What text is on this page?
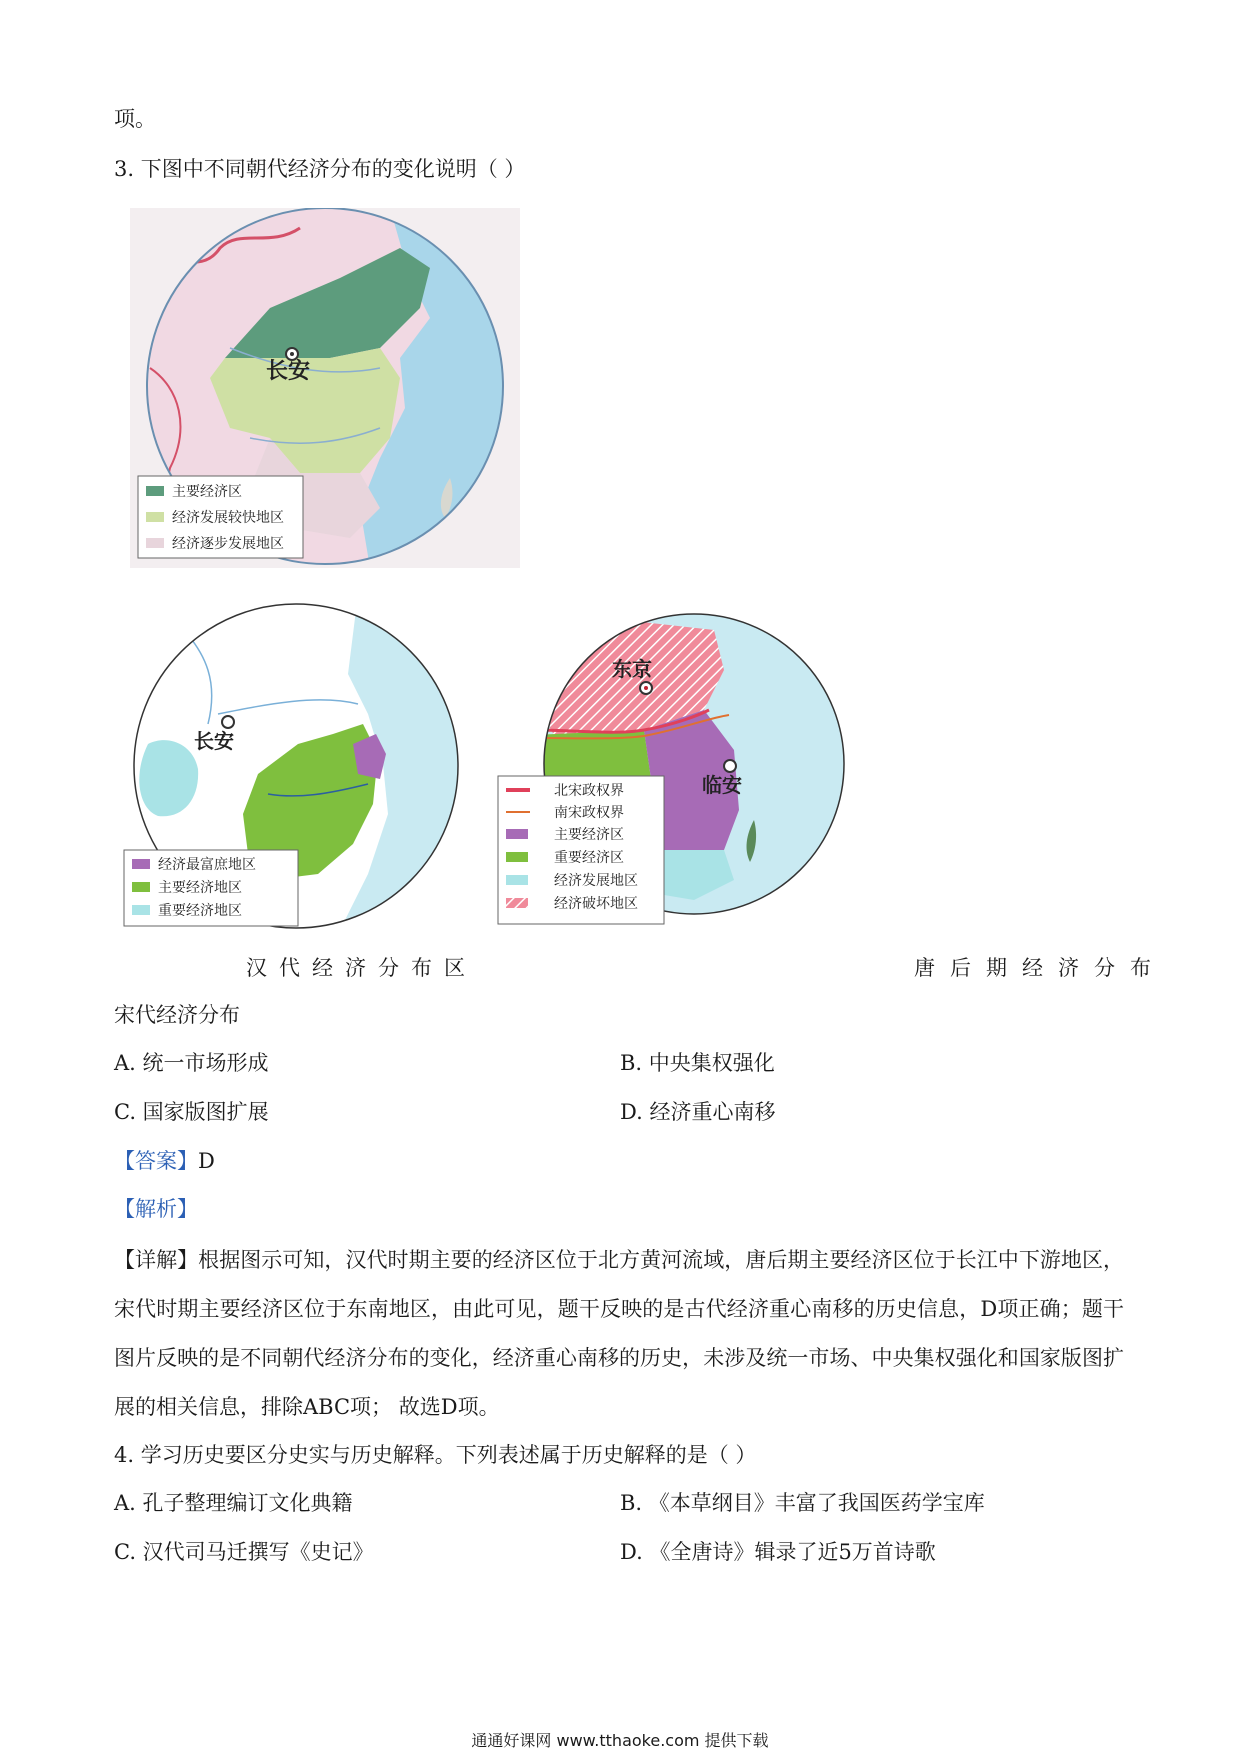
项。
3. 下图中不同朝代经济分布的变化说明（ ）
长安
主要经济区
经济发展较快地区
经济逐步发展地区
长安
经济最富庶地区
主要经济地区
重要经济地区
东京
临安
北宋政权界
南宋政权界
主要经济区
重要经济区
经济发展地区
经济破坏地区
汉代经济分布区	唐后期经济分布
宋代经济分布
A. 统一市场形成	B. 中央集权强化
C. 国家版图扩展	D. 经济重心南移
【答案】D
【解析】
【详解】根据图示可知，汉代时期主要的经济区位于北方黄河流域，唐后期主要经济区位于长江中下游地区，宋代时期主要经济区位于东南地区，由此可见，题干反映的是古代经济重心南移的历史信息，D项正确；题干图片反映的是不同朝代经济分布的变化，经济重心南移的历史，未涉及统一市场、中央集权强化和国家版图扩展的相关信息，排除ABC项； 故选D项。
4. 学习历史要区分史实与历史解释。下列表述属于历史解释的是（ ）
A. 孔子整理编订文化典籍	B. 《本草纲目》丰富了我国医药学宝库
C. 汉代司马迁撰写《史记》	D. 《全唐诗》辑录了近5万首诗歌
通通好课网 www.tthaoke.com 提供下载
